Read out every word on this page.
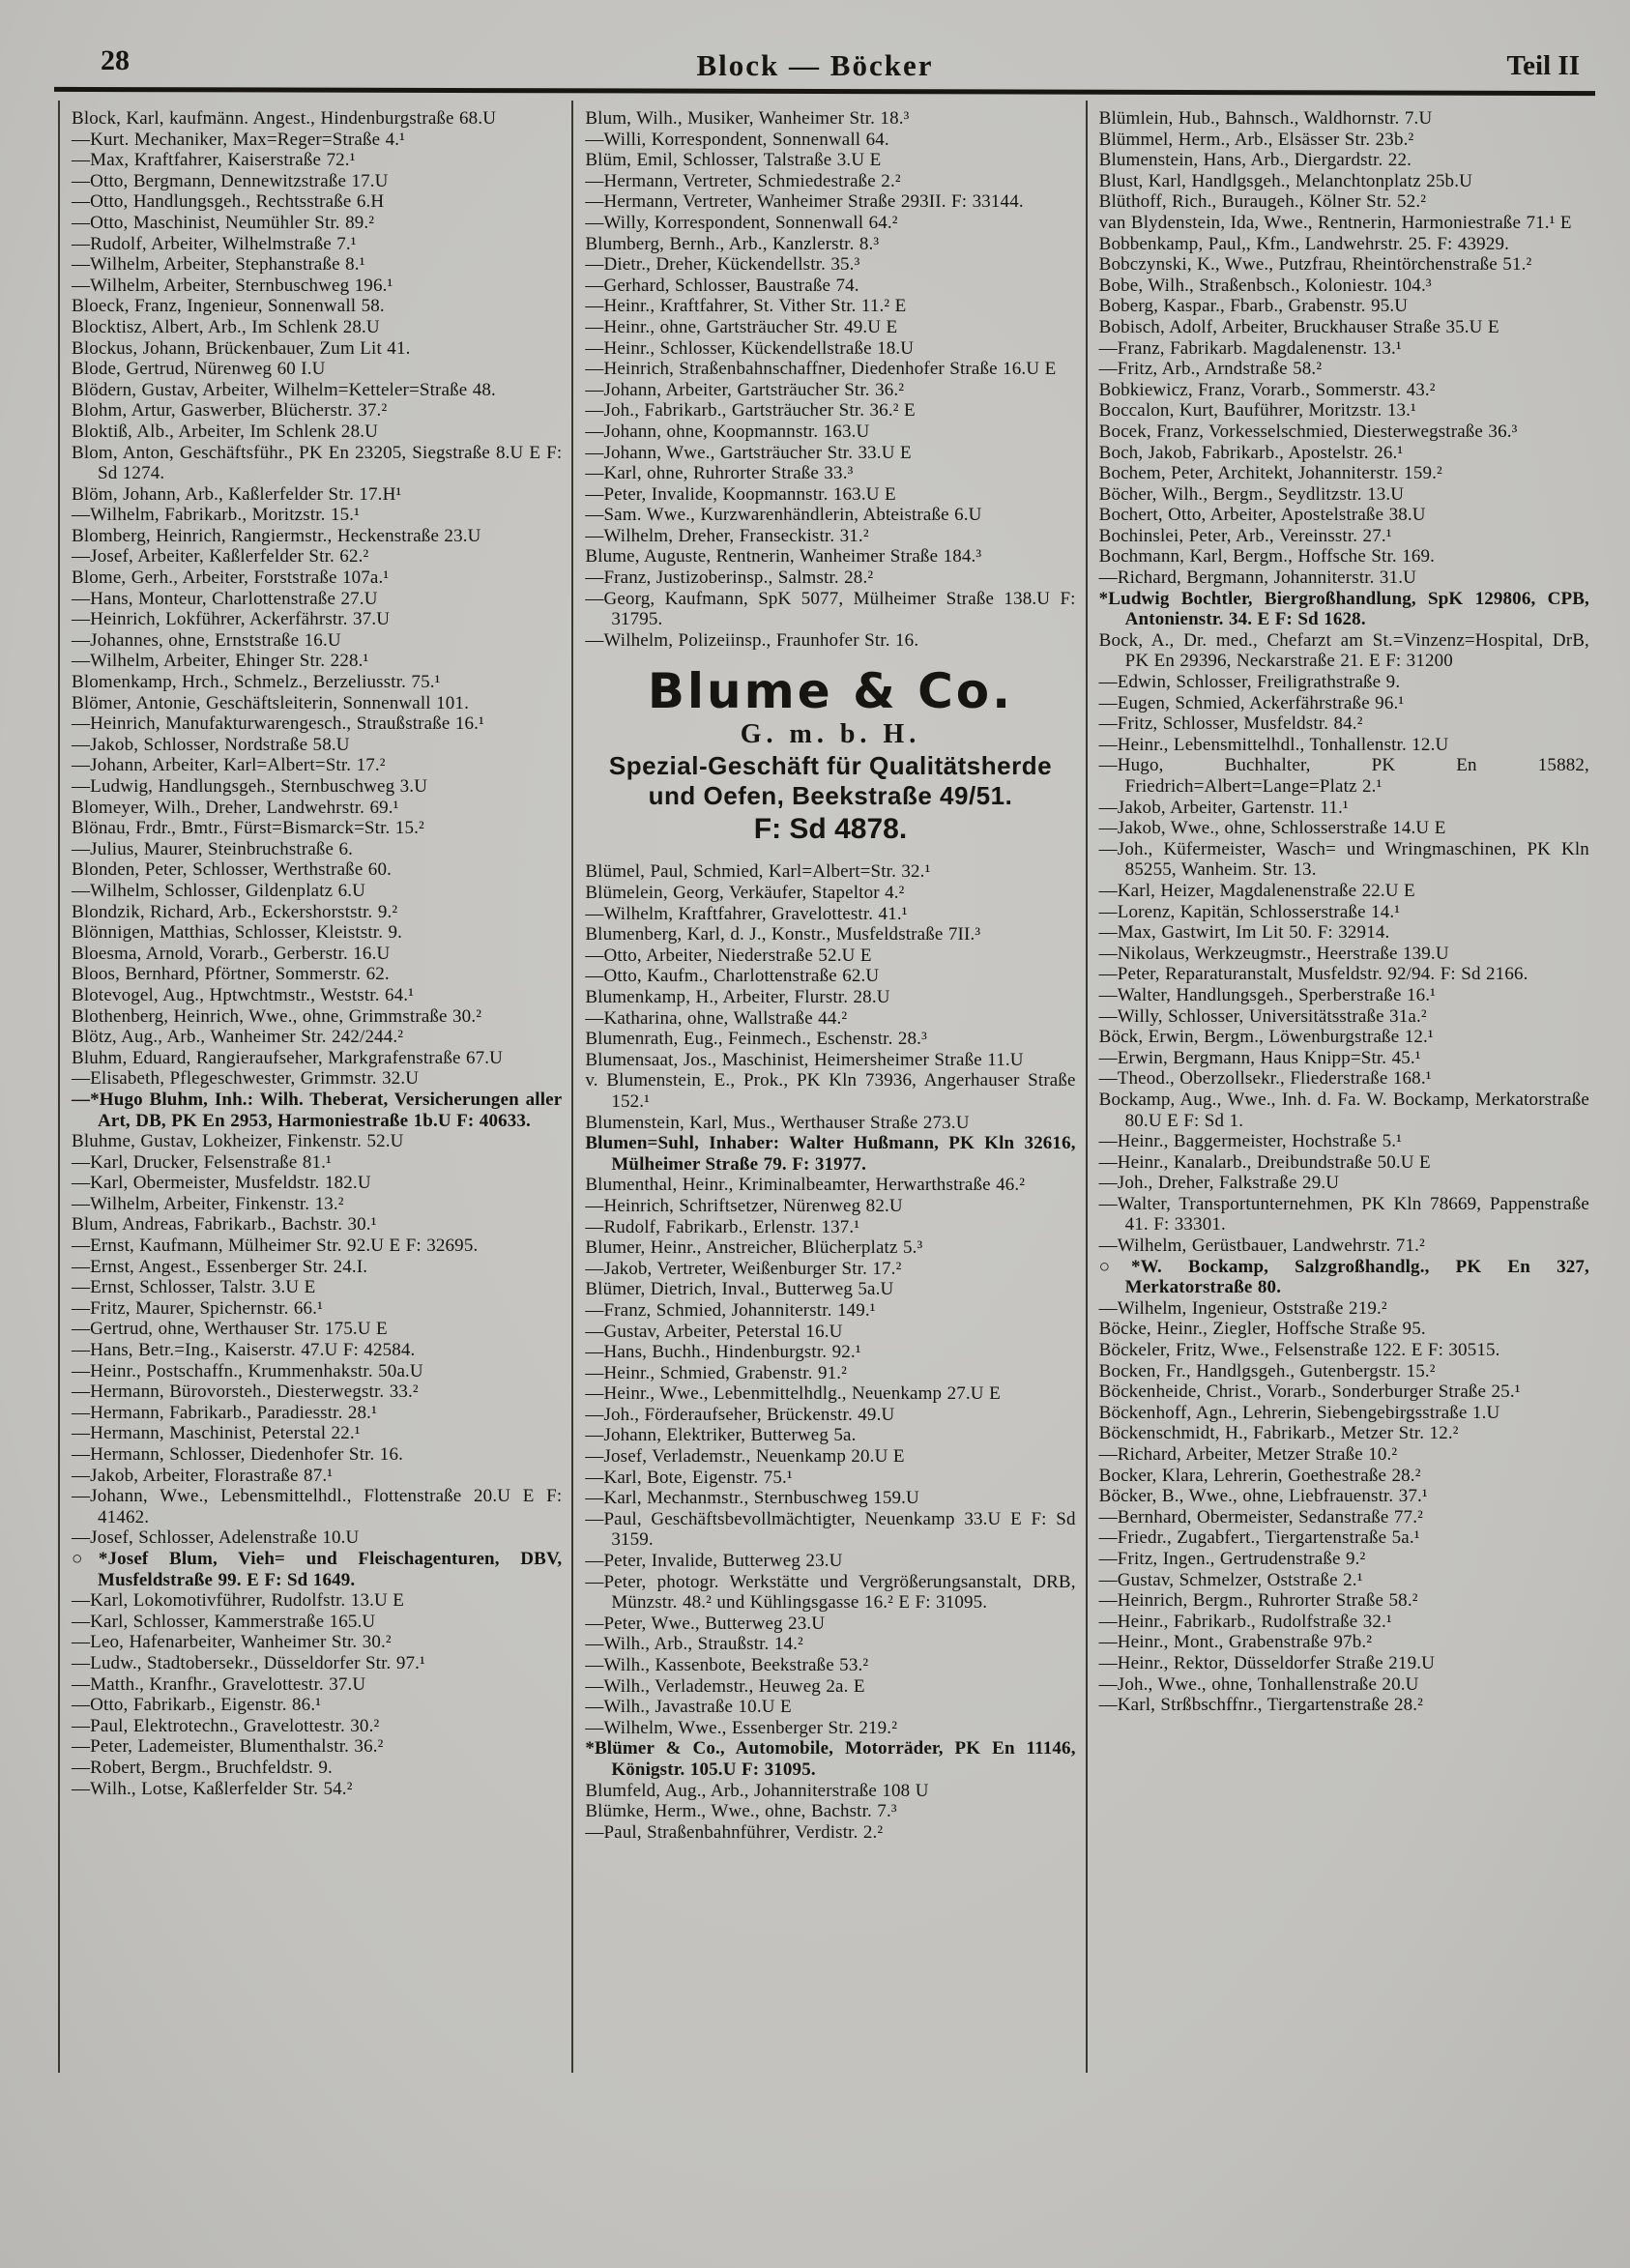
28	Block — Böcker	Teil II

Block, Karl, kaufmänn. Angest., Hindenburgstraße 68.U

—Kurt. Mechaniker, Max=Reger=Straße 4.¹

—Max, Kraftfahrer, Kaiserstraße 72.¹

—Otto, Bergmann, Dennewitzstraße 17.U

—Otto, Handlungsgeh., Rechtsstraße 6.H

—Otto, Maschinist, Neumühler Str. 89.²

—Rudolf, Arbeiter, Wilhelmstraße 7.¹

—Wilhelm, Arbeiter, Stephanstraße 8.¹

—Wilhelm, Arbeiter, Sternbuschweg 196.¹

Bloeck, Franz, Ingenieur, Sonnenwall 58.

Blocktisz, Albert, Arb., Im Schlenk 28.U

Blockus, Johann, Brückenbauer, Zum Lit 41.

Blode, Gertrud, Nürenweg 60 I.U

Blödern, Gustav, Arbeiter, Wilhelm=Ketteler=Straße 48.

Blohm, Artur, Gaswerber, Blücherstr. 37.²

Bloktiß, Alb., Arbeiter, Im Schlenk 28.U

Blom, Anton, Geschäftsführ., PK En 23205, Siegstraße 8.U E F: Sd 1274.

Blöm, Johann, Arb., Kaßlerfelder Str. 17.H¹

—Wilhelm, Fabrikarb., Moritzstr. 15.¹

Blomberg, Heinrich, Rangiermstr., Heckenstraße 23.U

—Josef, Arbeiter, Kaßlerfelder Str. 62.²

Blome, Gerh., Arbeiter, Forststraße 107a.¹

—Hans, Monteur, Charlottenstraße 27.U

—Heinrich, Lokführer, Ackerfährstr. 37.U

—Johannes, ohne, Ernststraße 16.U

—Wilhelm, Arbeiter, Ehinger Str. 228.¹

Blomenkamp, Hrch., Schmelz., Berzeliusstr. 75.¹

Blömer, Antonie, Geschäftsleiterin, Sonnenwall 101.

—Heinrich, Manufakturwarengesch., Straußstraße 16.¹

—Jakob, Schlosser, Nordstraße 58.U

—Johann, Arbeiter, Karl=Albert=Str. 17.²

—Ludwig, Handlungsgeh., Sternbuschweg 3.U

Blomeyer, Wilh., Dreher, Landwehrstr. 69.¹

Blönau, Frdr., Bmtr., Fürst=Bismarck=Str. 15.²

—Julius, Maurer, Steinbruchstraße 6.

Blonden, Peter, Schlosser, Werthstraße 60.

—Wilhelm, Schlosser, Gildenplatz 6.U

Blondzik, Richard, Arb., Eckershorststr. 9.²

Blönnigen, Matthias, Schlosser, Kleiststr. 9.

Bloesma, Arnold, Vorarb., Gerberstr. 16.U

Bloos, Bernhard, Pförtner, Sommerstr. 62.

Blotevogel, Aug., Hptwchtmstr., Weststr. 64.¹

Blothenberg, Heinrich, Wwe., ohne, Grimmstraße 30.²

Blötz, Aug., Arb., Wanheimer Str. 242/244.²

Bluhm, Eduard, Rangieraufseher, Markgrafenstraße 67.U

—Elisabeth, Pflegeschwester, Grimmstr. 32.U

—*Hugo Bluhm, Inh.: Wilh. Theberat, Versicherungen aller Art, DB, PK En 2953, Harmoniestraße 1b.U F: 40633.

Bluhme, Gustav, Lokheizer, Finkenstr. 52.U

—Karl, Drucker, Felsenstraße 81.¹

—Karl, Obermeister, Musfeldstr. 182.U

—Wilhelm, Arbeiter, Finkenstr. 13.²

Blum, Andreas, Fabrikarb., Bachstr. 30.¹

—Ernst, Kaufmann, Mülheimer Str. 92.U E F: 32695.

—Ernst, Angest., Essenberger Str. 24.I.

—Ernst, Schlosser, Talstr. 3.U E

—Fritz, Maurer, Spichernstr. 66.¹

—Gertrud, ohne, Werthauser Str. 175.U E

—Hans, Betr.=Ing., Kaiserstr. 47.U F: 42584.

—Heinr., Postschaffn., Krummenhakstr. 50a.U

—Hermann, Bürovorsteh., Diesterwegstr. 33.²

—Hermann, Fabrikarb., Paradiesstr. 28.¹

—Hermann, Maschinist, Peterstal 22.¹

—Hermann, Schlosser, Diedenhofer Str. 16.

—Jakob, Arbeiter, Florastraße 87.¹

—Johann, Wwe., Lebensmittelhdl., Flottenstraße 20.U E F: 41462.

—Josef, Schlosser, Adelenstraße 10.U

○*Josef Blum, Vieh= und Fleischagenturen, DBV, Musfeldstraße 99. E F: Sd 1649.

—Karl, Lokomotivführer, Rudolfstr. 13.U E

—Karl, Schlosser, Kammerstraße 165.U

—Leo, Hafenarbeiter, Wanheimer Str. 30.²

—Ludw., Stadtobersekr., Düsseldorfer Str. 97.¹

—Matth., Kranfhr., Gravelottestr. 37.U

—Otto, Fabrikarb., Eigenstr. 86.¹

—Paul, Elektrotechn., Gravelottestr. 30.²

—Peter, Lademeister, Blumenthalstr. 36.²

—Robert, Bergm., Bruchfeldstr. 9.

—Wilh., Lotse, Kaßlerfelder Str. 54.²

Blum, Wilh., Musiker, Wanheimer Str. 18.³

—Willi, Korrespondent, Sonnenwall 64.

Blüm, Emil, Schlosser, Talstraße 3.U E

—Hermann, Vertreter, Schmiedestraße 2.²

—Hermann, Vertreter, Wanheimer Straße 293II. F: 33144.

—Willy, Korrespondent, Sonnenwall 64.²

Blumberg, Bernh., Arb., Kanzlerstr. 8.³

—Dietr., Dreher, Kückendellstr. 35.³

—Gerhard, Schlosser, Baustraße 74.

—Heinr., Kraftfahrer, St. Vither Str. 11.² E

—Heinr., ohne, Gartsträucher Str. 49.U E

—Heinr., Schlosser, Kückendellstraße 18.U

—Heinrich, Straßenbahnschaffner, Diedenhofer Straße 16.U E

—Johann, Arbeiter, Gartsträucher Str. 36.²

—Joh., Fabrikarb., Gartsträucher Str. 36.² E

—Johann, ohne, Koopmannstr. 163.U

—Johann, Wwe., Gartsträucher Str. 33.U E

—Karl, ohne, Ruhrorter Straße 33.³

—Peter, Invalide, Koopmannstr. 163.U E

—Sam. Wwe., Kurzwarenhändlerin, Abteistraße 6.U

—Wilhelm, Dreher, Franseckistr. 31.²

Blume, Auguste, Rentnerin, Wanheimer Straße 184.³

—Franz, Justizoberinsp., Salmstr. 28.²

—Georg, Kaufmann, SpK 5077, Mülheimer Straße 138.U F: 31795.

—Wilhelm, Polizeiinsp., Fraunhofer Str. 16.

Blume & Co.
G. m. b. H.
Spezial-Geschäft für Qualitätsherde
und Oefen, Beekstraße 49/51.
F: Sd 4878.

Blümel, Paul, Schmied, Karl=Albert=Str. 32.¹

Blümelein, Georg, Verkäufer, Stapeltor 4.²

—Wilhelm, Kraftfahrer, Gravelottestr. 41.¹

Blumenberg, Karl, d. J., Konstr., Musfeldstraße 7II.³

—Otto, Arbeiter, Niederstraße 52.U E

—Otto, Kaufm., Charlottenstraße 62.U

Blumenkamp, H., Arbeiter, Flurstr. 28.U

—Katharina, ohne, Wallstraße 44.²

Blumenrath, Eug., Feinmech., Eschenstr. 28.³

Blumensaat, Jos., Maschinist, Heimersheimer Straße 11.U

v. Blumenstein, E., Prok., PK Kln 73936, Angerhauser Straße 152.¹

Blumenstein, Karl, Mus., Werthauser Straße 273.U

Blumen=Suhl, Inhaber: Walter Hußmann, PK Kln 32616, Mülheimer Straße 79. F: 31977.

Blumenthal, Heinr., Kriminalbeamter, Herwarthstraße 46.²

—Heinrich, Schriftsetzer, Nürenweg 82.U

—Rudolf, Fabrikarb., Erlenstr. 137.¹

Blumer, Heinr., Anstreicher, Blücherplatz 5.³

—Jakob, Vertreter, Weißenburger Str. 17.²

Blümer, Dietrich, Inval., Butterweg 5a.U

—Franz, Schmied, Johanniterstr. 149.¹

—Gustav, Arbeiter, Peterstal 16.U

—Hans, Buchh., Hindenburgstr. 92.¹

—Heinr., Schmied, Grabenstr. 91.²

—Heinr., Wwe., Lebenmittelhdlg., Neuenkamp 27.U E

—Joh., Förderaufseher, Brückenstr. 49.U

—Johann, Elektriker, Butterweg 5a.

—Josef, Verlademstr., Neuenkamp 20.U E

—Karl, Bote, Eigenstr. 75.¹

—Karl, Mechanmstr., Sternbuschweg 159.U

—Paul, Geschäftsbevollmächtigter, Neuenkamp 33.U E F: Sd 3159.

—Peter, Invalide, Butterweg 23.U

—Peter, photogr. Werkstätte und Vergrößerungsanstalt, DRB, Münzstr. 48.² und Kühlingsgasse 16.² E F: 31095.

—Peter, Wwe., Butterweg 23.U

—Wilh., Arb., Straußstr. 14.²

—Wilh., Kassenbote, Beekstraße 53.²

—Wilh., Verlademstr., Heuweg 2a. E

—Wilh., Javastraße 10.U E

—Wilhelm, Wwe., Essenberger Str. 219.²

*Blümer & Co., Automobile, Motorräder, PK En 11146, Königstr. 105.U F: 31095.

Blumfeld, Aug., Arb., Johanniterstraße 108 U

Blümke, Herm., Wwe., ohne, Bachstr. 7.³

—Paul, Straßenbahnführer, Verdistr. 2.²

Blümlein, Hub., Bahnsch., Waldhornstr. 7.U

Blümmel, Herm., Arb., Elsässer Str. 23b.²

Blumenstein, Hans, Arb., Diergardstr. 22.

Blust, Karl, Handlgsgeh., Melanchtonplatz 25b.U

Blüthoff, Rich., Buraugeh., Kölner Str. 52.²

van Blydenstein, Ida, Wwe., Rentnerin, Harmoniestraße 71.¹ E

Bobbenkamp, Paul,, Kfm., Landwehrstr. 25. F: 43929.

Bobczynski, K., Wwe., Putzfrau, Rheintörchenstraße 51.²

Bobe, Wilh., Straßenbsch., Koloniestr. 104.³

Boberg, Kaspar., Fbarb., Grabenstr. 95.U

Bobisch, Adolf, Arbeiter, Bruckhauser Straße 35.U E

—Franz, Fabrikarb. Magdalenenstr. 13.¹

—Fritz, Arb., Arndstraße 58.²

Bobkiewicz, Franz, Vorarb., Sommerstr. 43.²

Boccalon, Kurt, Bauführer, Moritzstr. 13.¹

Bocek, Franz, Vorkesselschmied, Diesterwegstraße 36.³

Boch, Jakob, Fabrikarb., Apostelstr. 26.¹

Bochem, Peter, Architekt, Johanniterstr. 159.²

Böcher, Wilh., Bergm., Seydlitzstr. 13.U

Bochert, Otto, Arbeiter, Apostelstraße 38.U

Bochinslei, Peter, Arb., Vereinsstr. 27.¹

Bochmann, Karl, Bergm., Hoffsche Str. 169.

—Richard, Bergmann, Johanniterstr. 31.U

*Ludwig Bochtler, Biergroßhandlung, SpK 129806, CPB, Antonienstr. 34. E F: Sd 1628.

Bock, A., Dr. med., Chefarzt am St.=Vinzenz=Hospital, DrB, PK En 29396, Neckarstraße 21. E F: 31200

—Edwin, Schlosser, Freiligrathstraße 9.

—Eugen, Schmied, Ackerfährstraße 96.¹

—Fritz, Schlosser, Musfeldstr. 84.²

—Heinr., Lebensmittelhdl., Tonhallenstr. 12.U

—Hugo, Buchhalter, PK En 15882, Friedrich=Albert=Lange=Platz 2.¹

—Jakob, Arbeiter, Gartenstr. 11.¹

—Jakob, Wwe., ohne, Schlosserstraße 14.U E

—Joh., Küfermeister, Wasch= und Wringmaschinen, PK Kln 85255, Wanheim. Str. 13.

—Karl, Heizer, Magdalenenstraße 22.U E

—Lorenz, Kapitän, Schlosserstraße 14.¹

—Max, Gastwirt, Im Lit 50. F: 32914.

—Nikolaus, Werkzeugmstr., Heerstraße 139.U

—Peter, Reparaturanstalt, Musfeldstr. 92/94. F: Sd 2166.

—Walter, Handlungsgeh., Sperberstraße 16.¹

—Willy, Schlosser, Universitätsstraße 31a.²

Böck, Erwin, Bergm., Löwenburgstraße 12.¹

—Erwin, Bergmann, Haus Knipp=Str. 45.¹

—Theod., Oberzollsekr., Fliederstraße 168.¹

Bockamp, Aug., Wwe., Inh. d. Fa. W. Bockamp, Merkatorstraße 80.U E F: Sd 1.

—Heinr., Baggermeister, Hochstraße 5.¹

—Heinr., Kanalarb., Dreibundstraße 50.U E

—Joh., Dreher, Falkstraße 29.U

—Walter, Transportunternehmen, PK Kln 78669, Pappenstraße 41. F: 33301.

—Wilhelm, Gerüstbauer, Landwehrstr. 71.²

○*W. Bockamp, Salzgroßhandlg., PK En 327, Merkatorstraße 80.

—Wilhelm, Ingenieur, Oststraße 219.²

Böcke, Heinr., Ziegler, Hoffsche Straße 95.

Böckeler, Fritz, Wwe., Felsenstraße 122. E F: 30515.

Bocken, Fr., Handlgsgeh., Gutenbergstr. 15.²

Böckenheide, Christ., Vorarb., Sonderburger Straße 25.¹

Böckenhoff, Agn., Lehrerin, Siebengebirgsstraße 1.U

Böckenschmidt, H., Fabrikarb., Metzer Str. 12.²

—Richard, Arbeiter, Metzer Straße 10.²

Bocker, Klara, Lehrerin, Goethestraße 28.²

Böcker, B., Wwe., ohne, Liebfrauenstr. 37.¹

—Bernhard, Obermeister, Sedanstraße 77.²

—Friedr., Zugabfert., Tiergartenstraße 5a.¹

—Fritz, Ingen., Gertrudenstraße 9.²

—Gustav, Schmelzer, Oststraße 2.¹

—Heinrich, Bergm., Ruhrorter Straße 58.²

—Heinr., Fabrikarb., Rudolfstraße 32.¹

—Heinr., Mont., Grabenstraße 97b.²

—Heinr., Rektor, Düsseldorfer Straße 219.U

—Joh., Wwe., ohne, Tonhallenstraße 20.U

—Karl, Strßbschffnr., Tiergartenstraße 28.²
